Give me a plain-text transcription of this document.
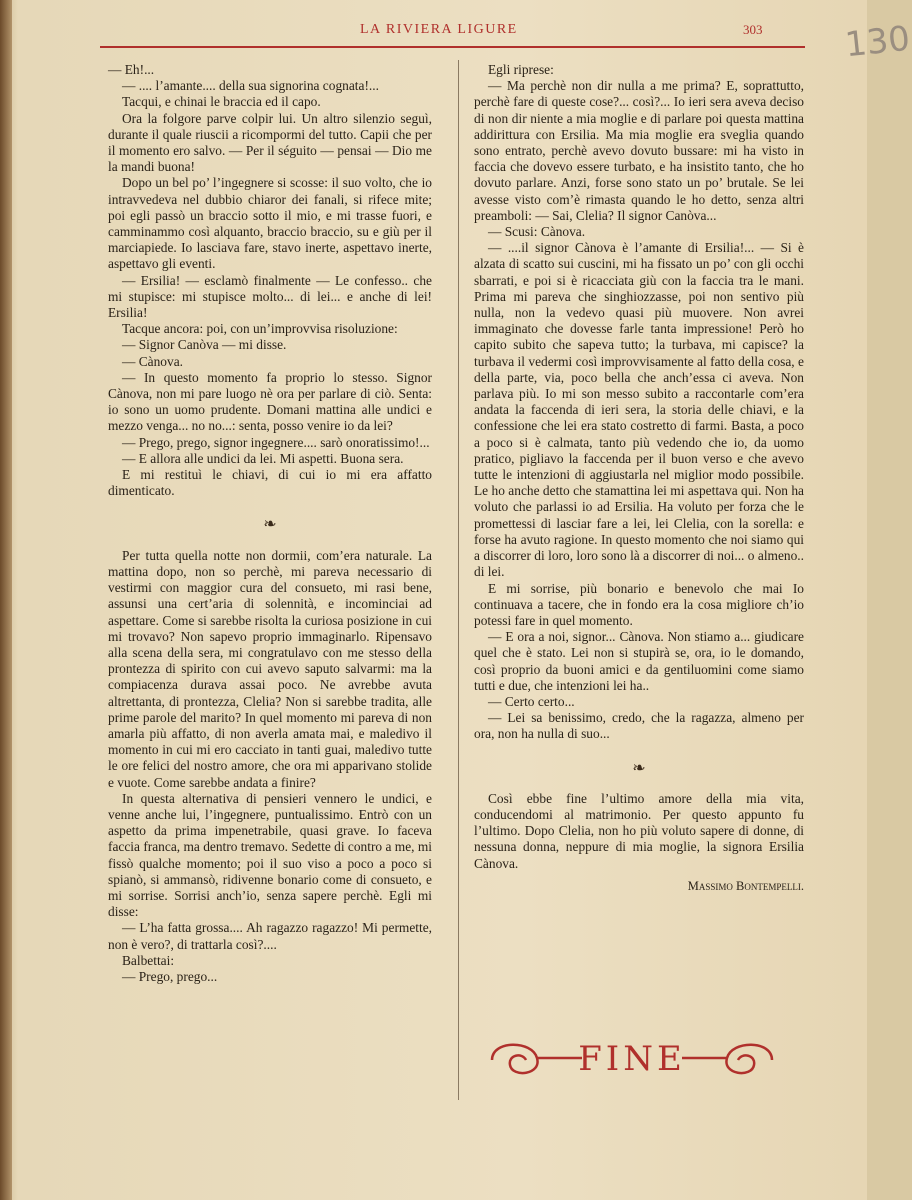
LA RIVIERA LIGURE	303 130

— Eh!...

— .... l’amante.... della sua signorina cognata!...

Tacqui, e chinai le braccia ed il capo.

Ora la folgore parve colpir lui. Un altro silenzio seguì, durante il quale riuscii a ricompormi del tutto. Capii che per il momento ero salvo. — Per il séguito — pensai — Dio me la mandi buona!

Dopo un bel po’ l’ingegnere si scosse: il suo volto, che io intravvedeva nel dubbio chiaror dei fanali, si rifece mite; poi egli passò un braccio sotto il mio, e mi trasse fuori, e camminammo così alquanto, braccio braccio, su e giù per il marciapiede. Io lasciava fare, stavo inerte, aspettavo inerte, aspettavo gli eventi.

— Ersilia! — esclamò finalmente — Le confesso.. che mi stupisce: mi stupisce molto... di lei... e anche di lei! Ersilia!

Tacque ancora: poi, con un’improvvisa risoluzione:

— Signor Canòva — mi disse.

— Cànova.

— In questo momento fa proprio lo stesso. Signor Cànova, non mi pare luogo nè ora per parlare di ciò. Senta: io sono un uomo prudente. Domani mattina alle undici e mezzo venga... no no...: senta, posso venire io da lei?

— Prego, prego, signor ingegnere.... sarò onoratissimo!...

— E allora alle undici da lei. Mi aspetti. Buona sera.

E mi restituì le chiavi, di cui io mi era affatto dimenticato.

❧

Per tutta quella notte non dormii, com’era naturale. La mattina dopo, non so perchè, mi pareva necessario di vestirmi con maggior cura del consueto, mi rasi bene, assunsi una cert’aria di solennità, e incominciai ad aspettare. Come si sarebbe risolta la curiosa posizione in cui mi trovavo? Non sapevo proprio immaginarlo. Ripensavo alla scena della sera, mi congratulavo con me stesso della prontezza di spirito con cui avevo saputo salvarmi: ma la compiacenza durava assai poco. Ne avrebbe avuta altrettanta, di prontezza, Clelia? Non si sarebbe tradita, alle prime parole del marito? In quel momento mi pareva di non amarla più affatto, di non averla amata mai, e maledivo il momento in cui mi ero cacciato in tanti guai, maledivo tutte le ore felici del nostro amore, che ora mi apparivano stolide e vuote. Come sarebbe andata a finire?

In questa alternativa di pensieri vennero le undici, e venne anche lui, l’ingegnere, puntualissimo. Entrò con un aspetto da prima impenetrabile, quasi grave. Io faceva faccia franca, ma dentro tremavo. Sedette di contro a me, mi fissò qualche momento; poi il suo viso a poco a poco si spianò, si ammansò, ridivenne bonario come di consueto, e mi sorrise. Sorrisi anch’io, senza sapere perchè. Egli mi disse:

— L’ha fatta grossa.... Ah ragazzo ragazzo! Mi permette, non è vero?, di trattarla così?....

Balbettai:

— Prego, prego...

Egli riprese:

— Ma perchè non dir nulla a me prima? E, soprattutto, perchè fare di queste cose?... così?... Io ieri sera aveva deciso di non dir niente a mia moglie e di parlare poi questa mattina addirittura con Ersilia. Ma mia moglie era sveglia quando sono entrato, perchè avevo dovuto bussare: mi ha visto in faccia che dovevo essere turbato, e ha insistito tanto, che ho dovuto parlare. Anzi, forse sono stato un po’ brutale. Se lei avesse visto com’è rimasta quando le ho detto, senza altri preamboli: — Sai, Clelia? Il signor Canòva...

— Scusi: Cànova.

— ....il signor Cànova è l’amante di Ersilia!... — Si è alzata di scatto sui cuscini, mi ha fissato un po’ con gli occhi sbarrati, e poi si è ricacciata giù con la faccia tra le mani. Prima mi pareva che singhiozzasse, poi non sentivo più nulla, non la vedevo quasi più muovere. Non avrei immaginato che dovesse farle tanta impressione! Però ho capito subito che sapeva tutto; la turbava, mi capisce? la turbava il vedermi così improvvisamente al fatto della cosa, e della parte, via, poco bella che anch’essa ci aveva. Non parlava più. Io mi son messo subito a raccontarle com’era andata la faccenda di ieri sera, la storia delle chiavi, e la confessione che lei era stato costretto di farmi. Basta, a poco a poco si è calmata, tanto più vedendo che io, da uomo pratico, pigliavo la faccenda per il buon verso e che avevo tutte le intenzioni di aggiustarla nel miglior modo possibile. Le ho anche detto che stamattina lei mi aspettava qui. Non ha voluto che parlassi io ad Ersilia. Ha voluto per forza che le promettessi di lasciar fare a lei, lei Clelia, con la sorella: e forse ha avuto ragione. In questo momento che noi siamo qui a discorrer di loro, loro sono là a discorrer di noi... o almeno.. di lei.

E mi sorrise, più bonario e benevolo che mai Io continuava a tacere, che in fondo era la cosa migliore ch’io potessi fare in quel momento.

— E ora a noi, signor... Cànova. Non stiamo a... giudicare quel che è stato. Lei non si stupirà se, ora, io le domando, così proprio da buoni amici e da gentiluomini come siamo tutti e due, che intenzioni lei ha..

— Certo certo...

— Lei sa benissimo, credo, che la ragazza, almeno per ora, non ha nulla di suo...

❧

Così ebbe fine l’ultimo amore della mia vita, conducendomi al matrimonio. Per questo appunto fu l’ultimo. Dopo Clelia, non ho più voluto sapere di donne, di nessuna donna, neppure di mia moglie, la signora Ersilia Cànova.

Massimo Bontempelli.

FINE
